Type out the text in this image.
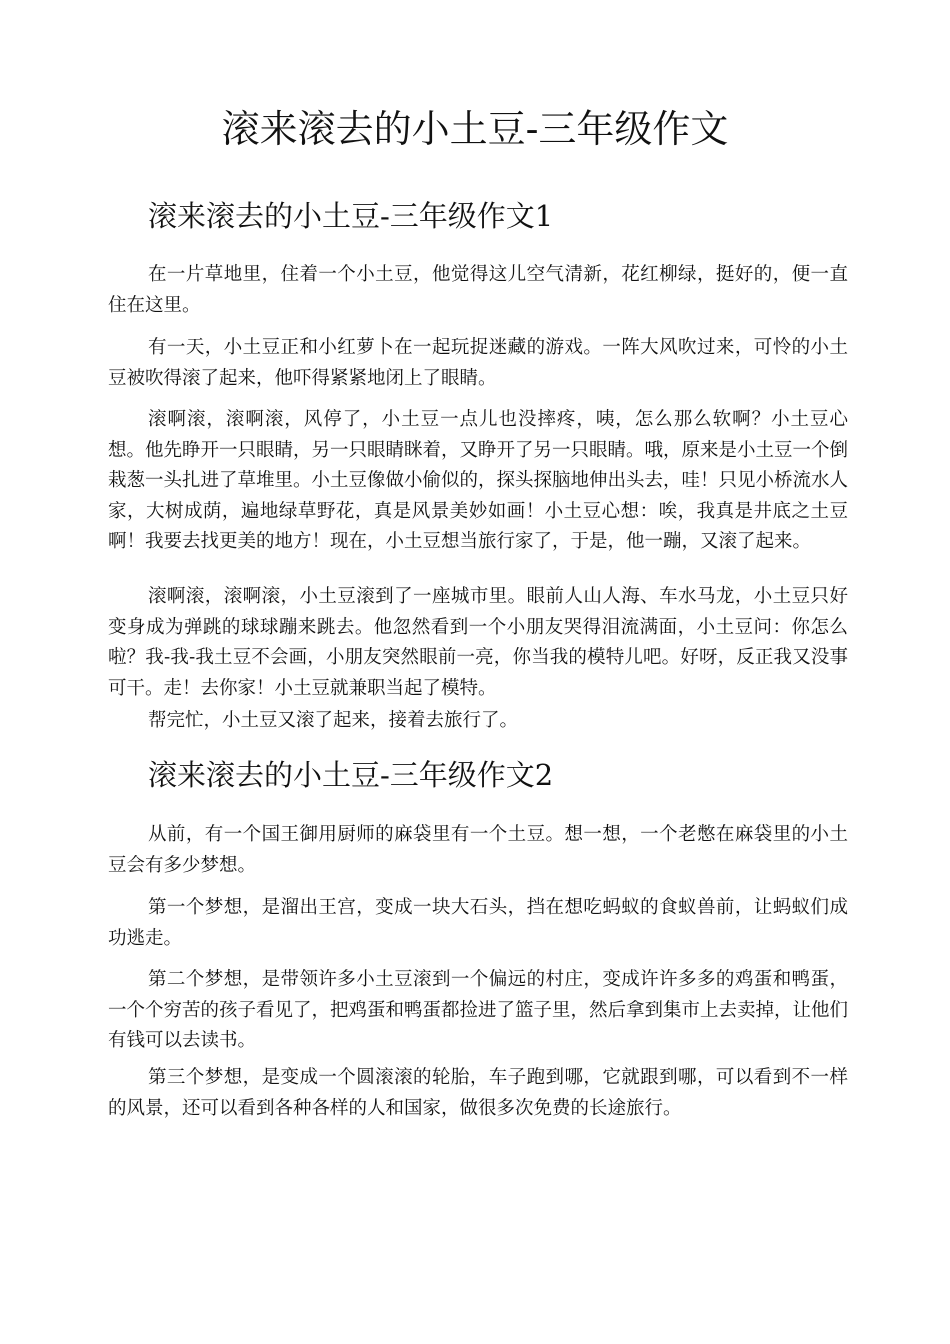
滚来滚去的小土豆-三年级作文
滚来滚去的小土豆-三年级作文1

在一片草地里，住着一个小土豆，他觉得这儿空气清新，花红柳绿，挺好的，便一直住在这里。

有一天，小土豆正和小红萝卜在一起玩捉迷藏的游戏。一阵大风吹过来，可怜的小土豆被吹得滚了起来，他吓得紧紧地闭上了眼睛。

滚啊滚，滚啊滚，风停了，小土豆一点儿也没摔疼，咦，怎么那么软啊？小土豆心想。他先睁开一只眼睛，另一只眼睛眯着，又睁开了另一只眼睛。哦，原来是小土豆一个倒栽葱一头扎进了草堆里。小土豆像做小偷似的，探头探脑地伸出头去，哇！只见小桥流水人家，大树成荫，遍地绿草野花，真是风景美妙如画！小土豆心想：唉，我真是井底之土豆啊！我要去找更美的地方！现在，小土豆想当旅行家了，于是，他一蹦，又滚了起来。

滚啊滚，滚啊滚，小土豆滚到了一座城市里。眼前人山人海、车水马龙，小土豆只好变身成为弹跳的球球蹦来跳去。他忽然看到一个小朋友哭得泪流满面，小土豆问：你怎么啦？我-我-我土豆不会画，小朋友突然眼前一亮，你当我的模特儿吧。好呀，反正我又没事可干。走！去你家！小土豆就兼职当起了模特。

帮完忙，小土豆又滚了起来，接着去旅行了。

滚来滚去的小土豆-三年级作文2

从前，有一个国王御用厨师的麻袋里有一个土豆。想一想，一个老憋在麻袋里的小土豆会有多少梦想。

第一个梦想，是溜出王宫，变成一块大石头，挡在想吃蚂蚁的食蚁兽前，让蚂蚁们成功逃走。

第二个梦想，是带领许多小土豆滚到一个偏远的村庄，变成许许多多的鸡蛋和鸭蛋，一个个穷苦的孩子看见了，把鸡蛋和鸭蛋都捡进了篮子里，然后拿到集市上去卖掉，让他们有钱可以去读书。

第三个梦想，是变成一个圆滚滚的轮胎，车子跑到哪，它就跟到哪，可以看到不一样的风景，还可以看到各种各样的人和国家，做很多次免费的长途旅行。
